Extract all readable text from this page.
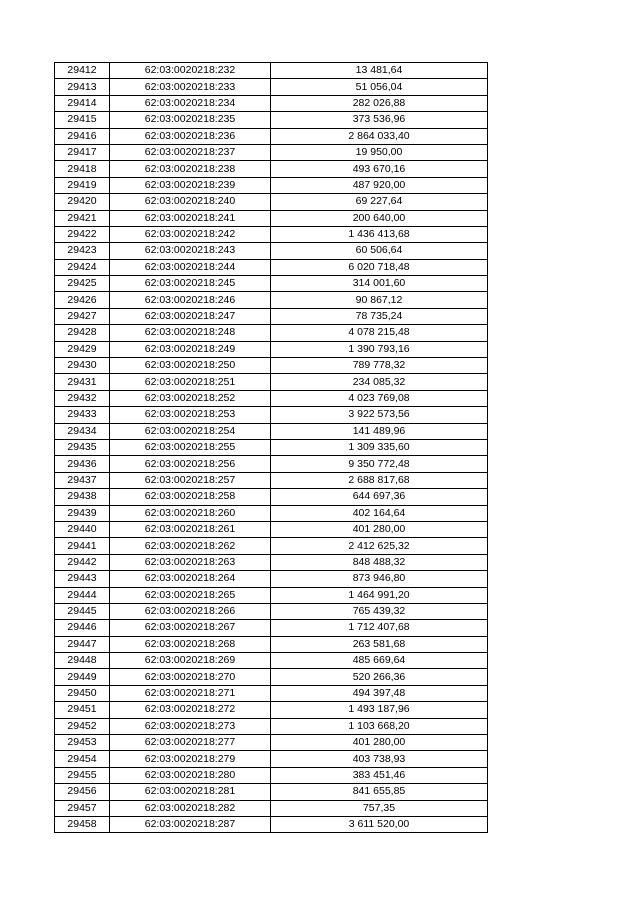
29412	62:03:0020218:232	13 481,64
29413	62:03:0020218:233	51 056,04
29414	62:03:0020218:234	282 026,88
29415	62:03:0020218:235	373 536,96
29416	62:03:0020218:236	2 864 033,40
29417	62:03:0020218:237	19 950,00
29418	62:03:0020218:238	493 670,16
29419	62:03:0020218:239	487 920,00
29420	62:03:0020218:240	69 227,64
29421	62:03:0020218:241	200 640,00
29422	62:03:0020218:242	1 436 413,68
29423	62:03:0020218:243	60 506,64
29424	62:03:0020218:244	6 020 718,48
29425	62:03:0020218:245	314 001,60
29426	62:03:0020218:246	90 867,12
29427	62:03:0020218:247	78 735,24
29428	62:03:0020218:248	4 078 215,48
29429	62:03:0020218:249	1 390 793,16
29430	62:03:0020218:250	789 778,32
29431	62:03:0020218:251	234 085,32
29432	62:03:0020218:252	4 023 769,08
29433	62:03:0020218:253	3 922 573,56
29434	62:03:0020218:254	141 489,96
29435	62:03:0020218:255	1 309 335,60
29436	62:03:0020218:256	9 350 772,48
29437	62:03:0020218:257	2 688 817,68
29438	62:03:0020218:258	644 697,36
29439	62:03:0020218:260	402 164,64
29440	62:03:0020218:261	401 280,00
29441	62:03:0020218:262	2 412 625,32
29442	62:03:0020218:263	848 488,32
29443	62:03:0020218:264	873 946,80
29444	62:03:0020218:265	1 464 991,20
29445	62:03:0020218:266	765 439,32
29446	62:03:0020218:267	1 712 407,68
29447	62:03:0020218:268	263 581,68
29448	62:03:0020218:269	485 669,64
29449	62:03:0020218:270	520 266,36
29450	62:03:0020218:271	494 397,48
29451	62:03:0020218:272	1 493 187,96
29452	62:03:0020218:273	1 103 668,20
29453	62:03:0020218:277	401 280,00
29454	62:03:0020218:279	403 738,93
29455	62:03:0020218:280	383 451,46
29456	62:03:0020218:281	841 655,85
29457	62:03:0020218:282	757,35
29458	62:03:0020218:287	3 611 520,00
